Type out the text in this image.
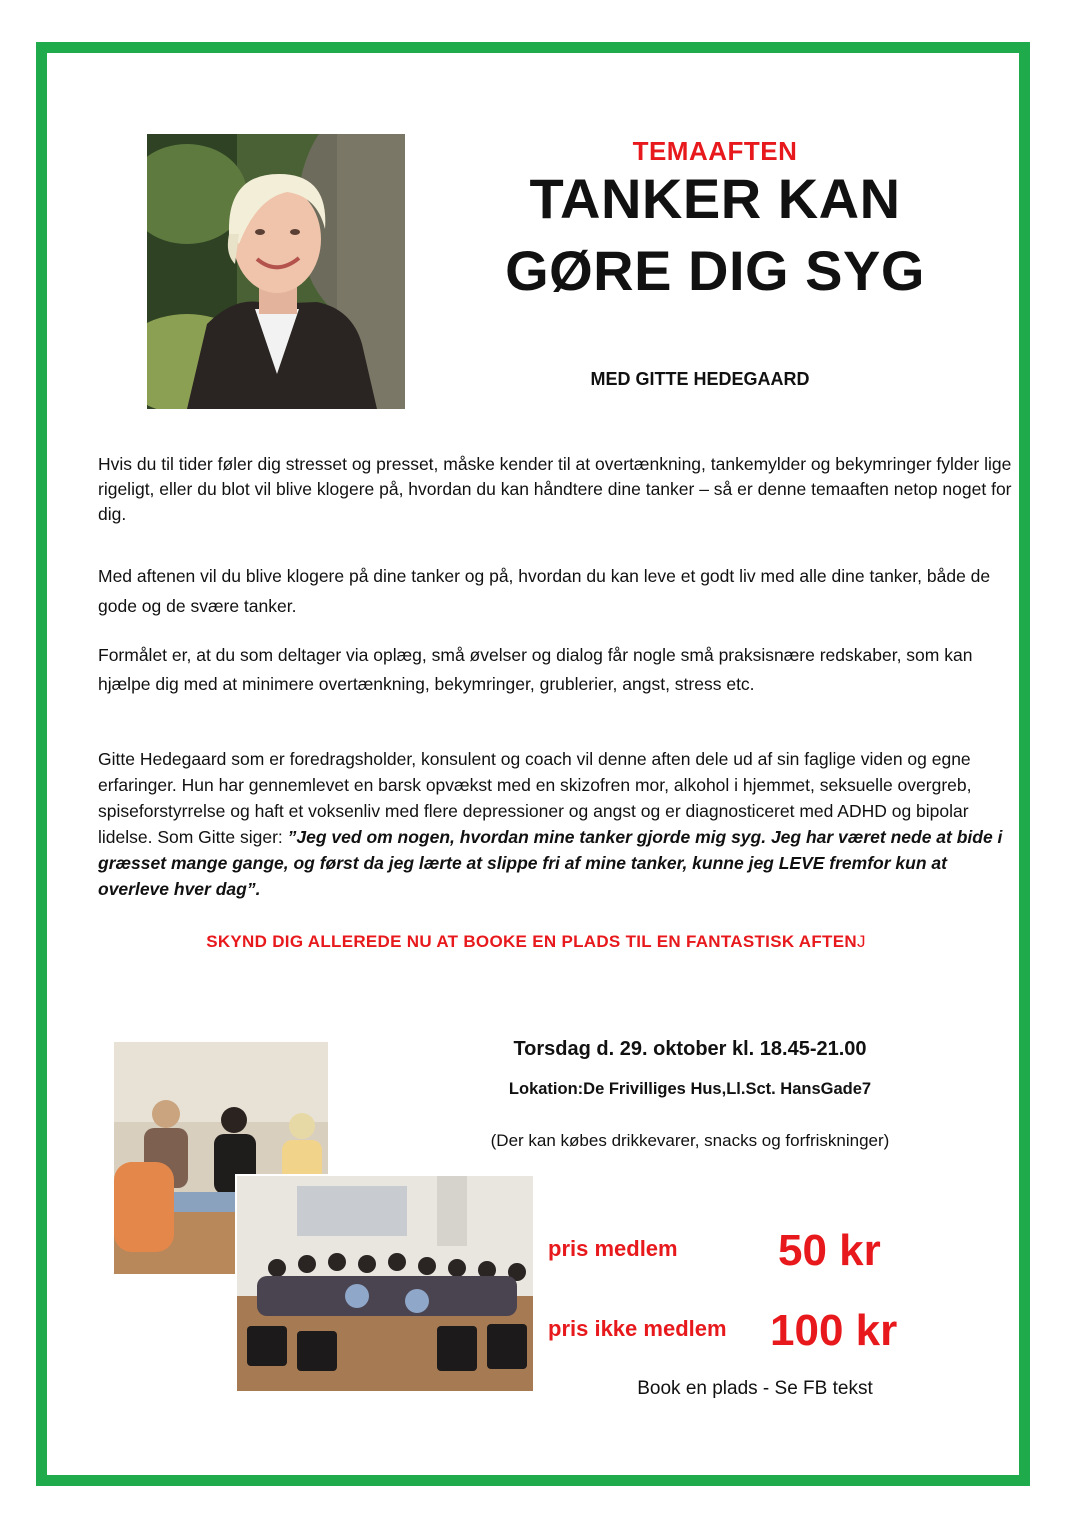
TEMAAFTEN
TANKER KAN
GØRE DIG SYG
MED GITTE HEDEGAARD
Hvis du til tider føler dig stresset og presset, måske kender til at overtænkning, tankemylder og bekymringer fylder lige rigeligt, eller du blot vil blive klogere på, hvordan du kan håndtere dine tanker – så er denne temaaften netop noget for dig.
Med aftenen vil du blive klogere på dine tanker og på, hvordan du kan leve et godt liv med alle dine tanker, både de gode og de svære tanker.
Formålet er, at du som deltager via oplæg, små øvelser og dialog får nogle små praksisnære redskaber, som kan hjælpe dig med at minimere overtænkning, bekymringer, grublerier, angst, stress etc.
Gitte Hedegaard som er foredragsholder, konsulent og coach vil denne aften dele ud af sin faglige viden og egne erfaringer. Hun har gennemlevet en barsk opvækst med en skizofren mor, alkohol i hjemmet, seksuelle overgreb, spiseforstyrrelse og haft et voksenliv med flere depressioner og angst og er diagnosticeret med ADHD og bipolar lidelse. Som Gitte siger: ”Jeg ved om nogen, hvordan mine tanker gjorde mig syg. Jeg har været nede at bide i græsset mange gange, og først da jeg lærte at slippe fri af mine tanker, kunne jeg LEVE fremfor kun at overleve hver dag”.
SKYND DIG ALLEREDE NU AT BOOKE EN PLADS TIL EN FANTASTISK AFTENJ
Torsdag d. 29. oktober kl. 18.45-21.00
Lokation:De Frivilliges Hus,Ll.Sct. HansGade7
(Der kan købes drikkevarer, snacks og forfriskninger)
pris medlem 50 kr
pris ikke medlem 100 kr
Book en plads - Se FB tekst
